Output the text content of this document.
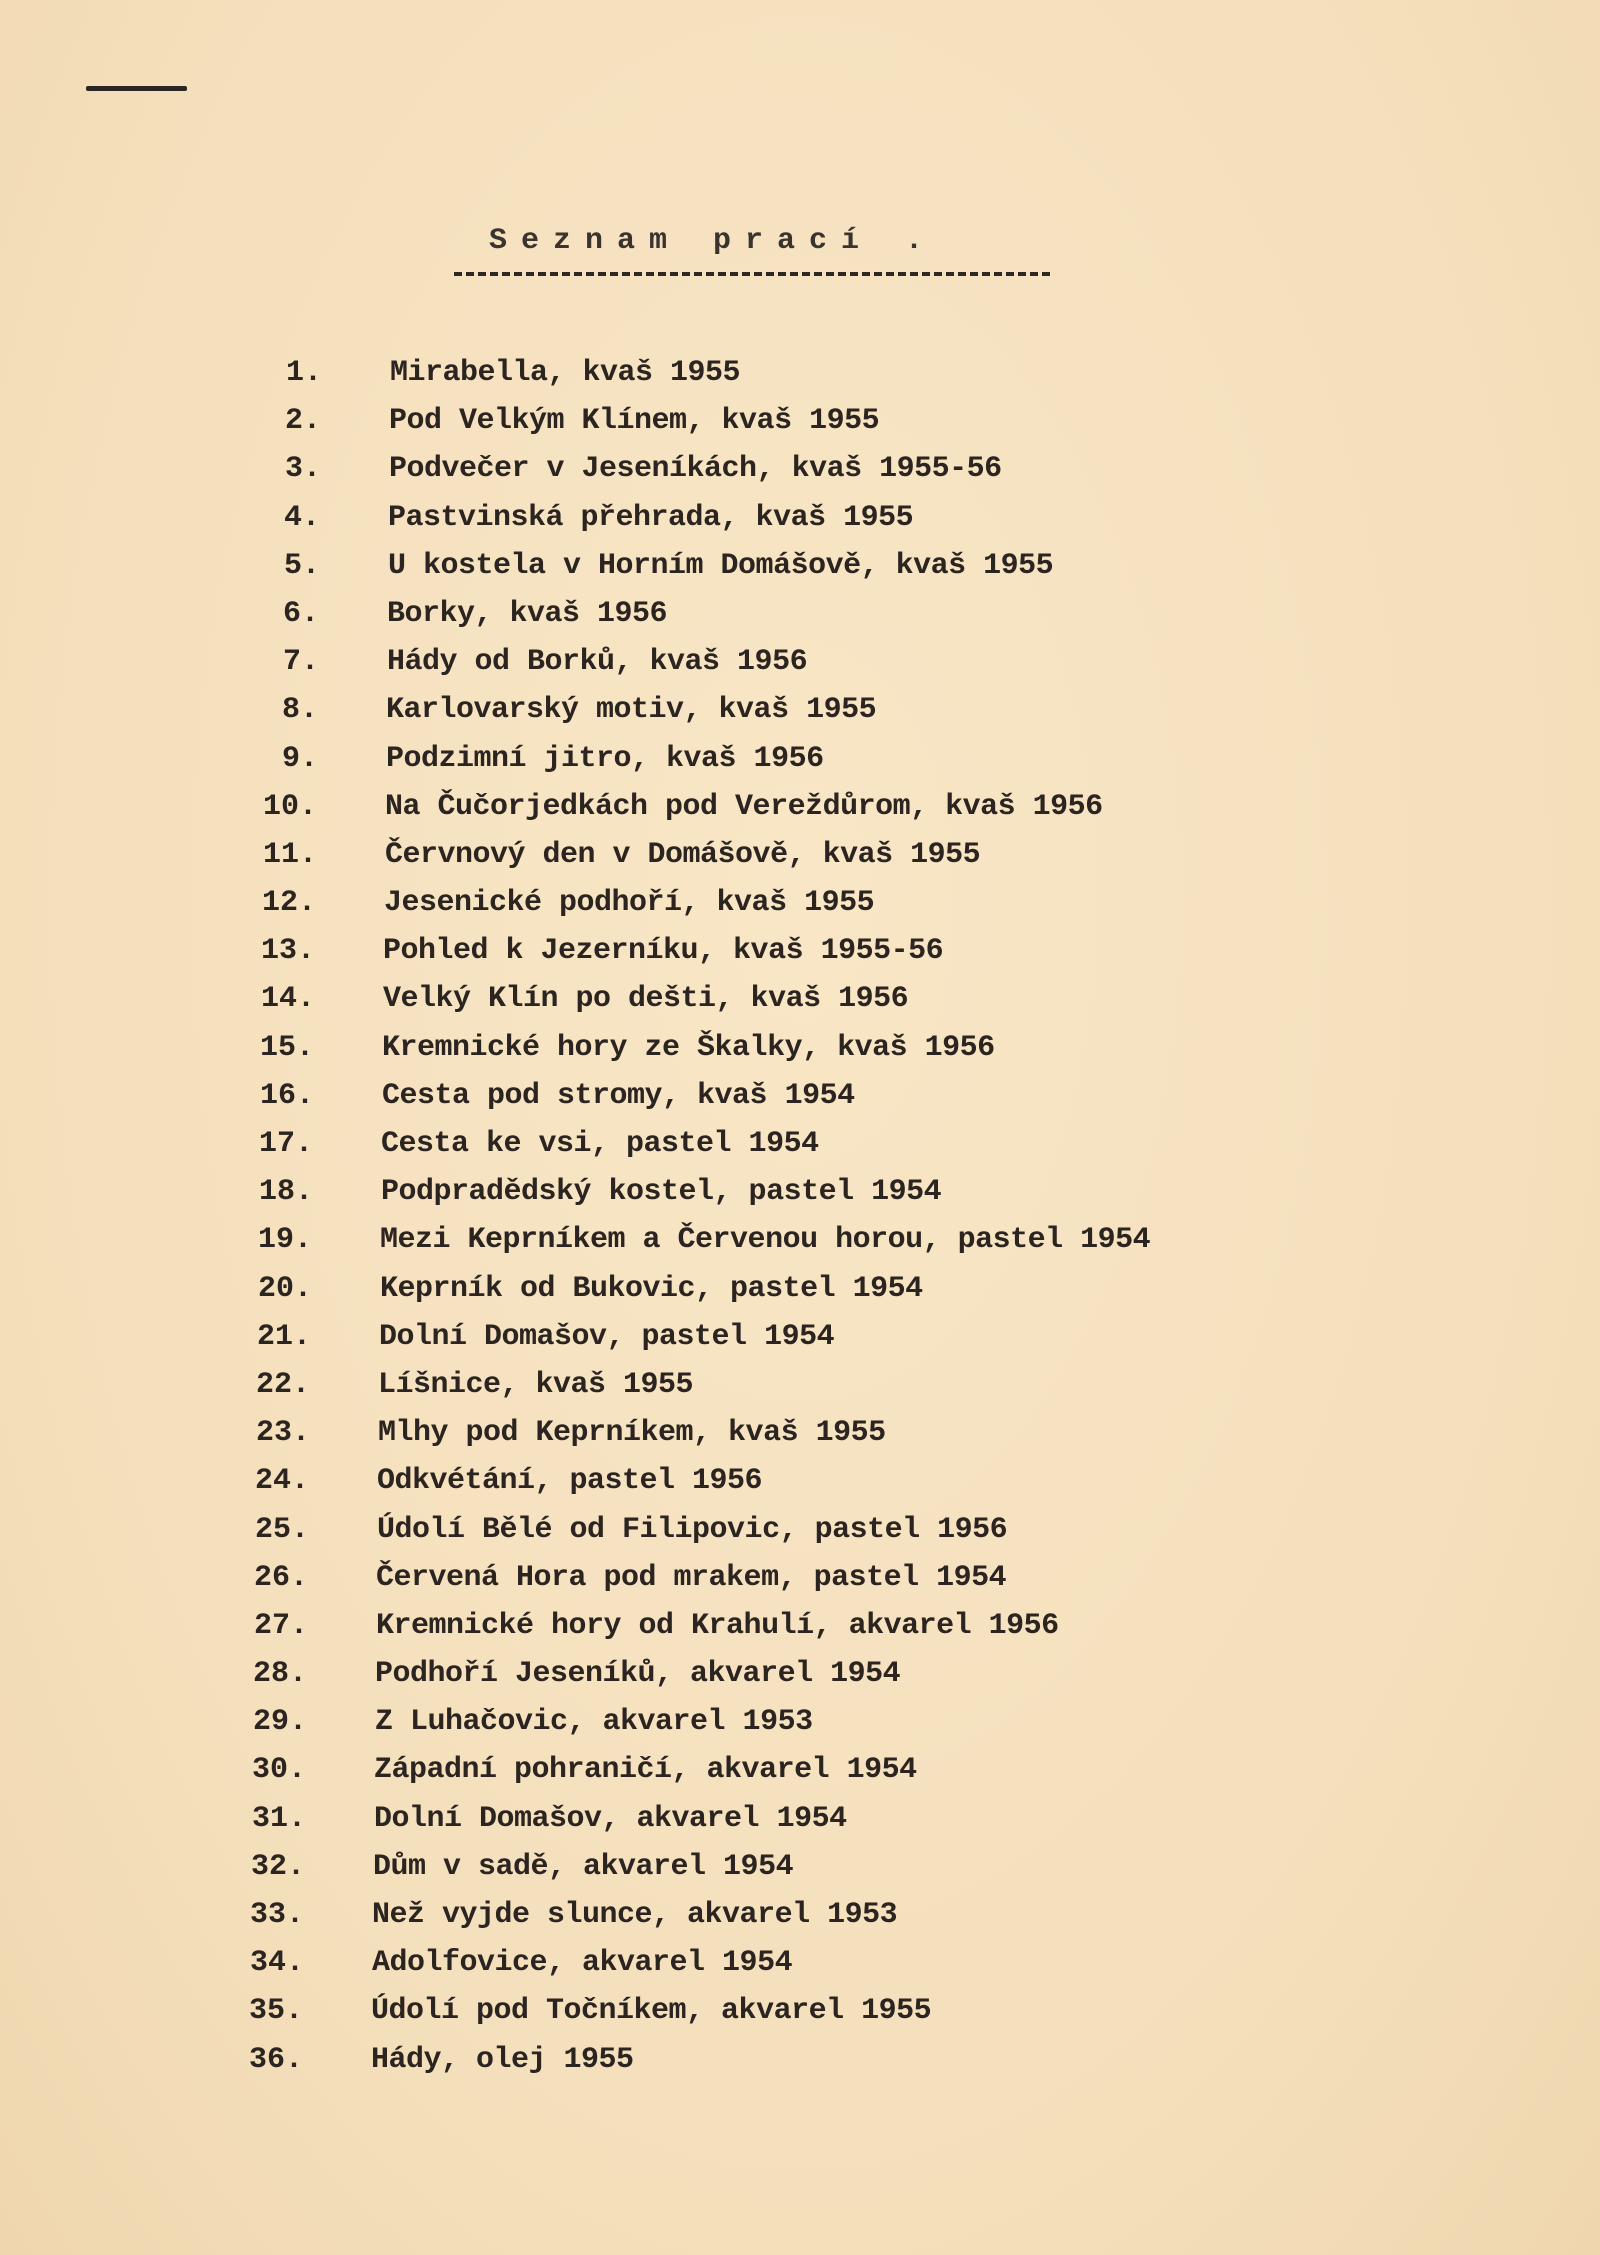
Seznam prací .
1. Mirabella, kvaš 1955
2. Pod Velkým Klínem, kvaš 1955
3. Podvečer v Jeseníkách, kvaš 1955-56
4. Pastvinská přehrada, kvaš 1955
5. U kostela v Horním Domášově, kvaš 1955
6. Borky, kvaš 1956
7. Hády od Borků, kvaš 1956
8. Karlovarský motiv, kvaš 1955
9. Podzimní jitro, kvaš 1956
10. Na Čučorjedkách pod Vereždůrom, kvaš 1956
11. Červnový den v Domášově, kvaš 1955
12. Jesenické podhoří, kvaš 1955
13. Pohled k Jezerníku, kvaš 1955-56
14. Velký Klín po dešti, kvaš 1956
15. Kremnické hory ze Škalky, kvaš 1956
16. Cesta pod stromy, kvaš 1954
17. Cesta ke vsi, pastel 1954
18. Podpradědský kostel, pastel 1954
19. Mezi Keprníkem a Červenou horou, pastel 1954
20. Keprník od Bukovic, pastel 1954
21. Dolní Domašov, pastel 1954
22. Líšnice, kvaš 1955
23. Mlhy pod Keprníkem, kvaš 1955
24. Odkvétání, pastel 1956
25. Údolí Bělé od Filipovic, pastel 1956
26. Červená Hora pod mrakem, pastel 1954
27. Kremnické hory od Krahulí, akvarel 1956
28. Podhoří Jeseníků, akvarel 1954
29. Z Luhačovic, akvarel 1953
30. Západní pohraničí, akvarel 1954
31. Dolní Domašov, akvarel 1954
32. Dům v sadě, akvarel 1954
33. Než vyjde slunce, akvarel 1953
34. Adolfovice, akvarel 1954
35. Údolí pod Točníkem, akvarel 1955
36. Hády, olej 1955
